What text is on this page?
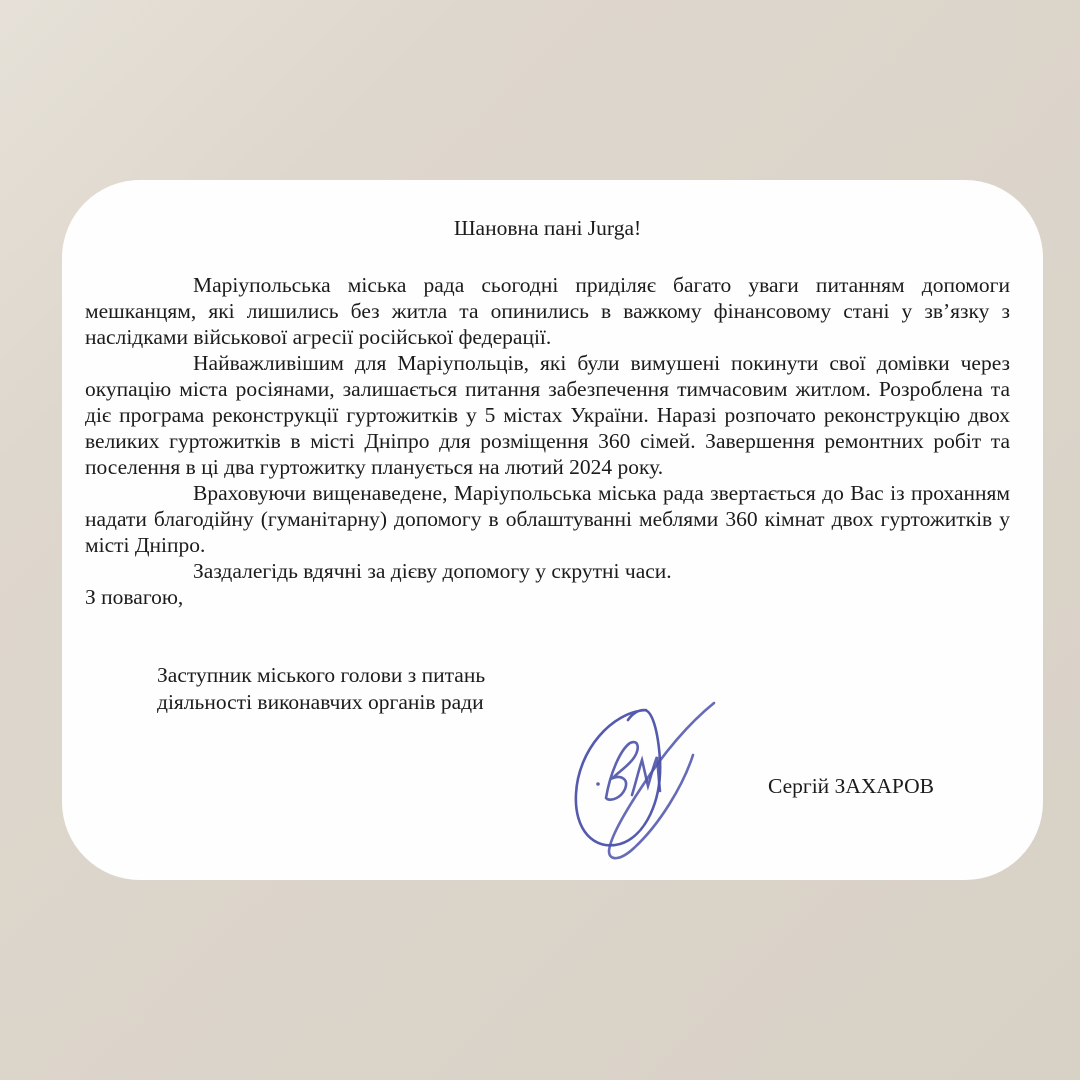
Шановна пані Jurga!

Маріупольська міська рада сьогодні приділяє багато уваги питанням допомоги мешканцям, які лишились без житла та опинились в важкому фінансовому стані у зв’язку з наслідками військової агресії російської федерації.

Найважливішим для Маріупольців, які були вимушені покинути свої домівки через окупацію міста росіянами, залишається питання забезпечення тимчасовим житлом. Розроблена та діє програма реконструкції гуртожитків у 5 містах України. Наразі розпочато реконструкцію двох великих гуртожитків в місті Дніпро для розміщення 360 сімей. Завершення ремонтних робіт та поселення в ці два гуртожитку планується на лютий 2024 року.

Враховуючи вищенаведене, Маріупольська міська рада звертається до Вас із проханням надати благодійну (гуманітарну) допомогу в облаштуванні меблями 360 кімнат двох гуртожитків у місті Дніпро.

Заздалегідь вдячні за дієву допомогу у скрутні часи.

З повагою,

Заступник міського голови з питань

діяльності виконавчих органів ради

Сергій ЗАХАРОВ
